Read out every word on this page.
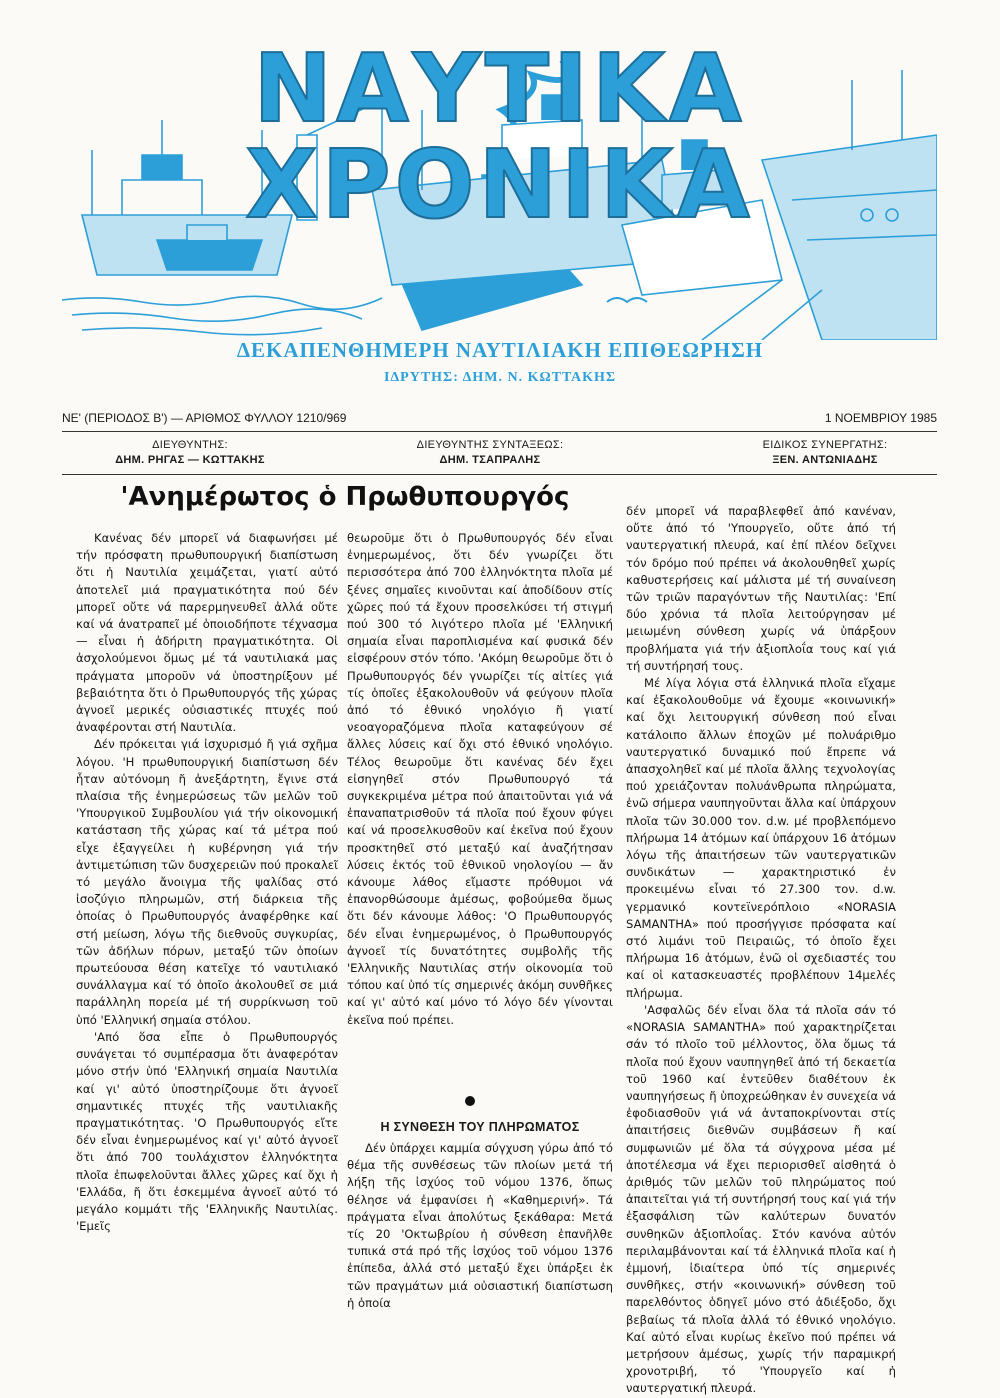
ΝΑΥΤΙΚΑ ΧΡΟΝΙΚΑ
ΔΕΚΑΠΕΝΘΗΜΕΡΗ ΝΑΥΤΙΛΙΑΚΗ ΕΠΙΘΕΩΡΗΣΗ
ΙΔΡΥΤΗΣ: ΔΗΜ. Ν. ΚΩΤΤΑΚΗΣ
ΝΕ' (ΠΕΡΙΟΔΟΣ Β') — ΑΡΙΘΜΟΣ ΦΥΛΛΟΥ 1210/969	1 ΝΟΕΜΒΡΙΟΥ 1985
ΔΙΕΥΘΥΝΤΗΣ:
ΔΗΜ. ΡΗΓΑΣ — ΚΩΤΤΑΚΗΣ
ΔΙΕΥΘΥΝΤΗΣ ΣΥΝΤΑΞΕΩΣ:
ΔΗΜ. ΤΣΑΠΡΑΛΗΣ
ΕΙΔΙΚΟΣ ΣΥΝΕΡΓΑΤΗΣ:
ΞΕΝ. ΑΝΤΩΝΙΑΔΗΣ
'Ανημέρωτος ὁ Πρωθυπουργός

Κανένας δέν μπορεῖ νά διαφωνήσει μέ τήν πρόσφατη πρωθυπουργική διαπίστωση ὅτι ἡ Ναυτιλία χειμάζεται, γιατί αὐτό ἀποτελεῖ μιά πραγματικότητα πού δέν μπορεῖ οὔτε νά παρερμηνευθεῖ ἀλλά οὔτε καί νά ἀνατραπεῖ μέ ὁποιοδήποτε τέχνασμα — εἶναι ἡ ἀδήριτη πραγματικότητα. Οἱ ἀσχολούμενοι ὅμως μέ τά ναυτιλιακά μας πράγματα μποροῦν νά ὑποστηρίξουν μέ βεβαιότητα ὅτι ὁ Πρωθυπουργός τῆς χώρας ἀγνοεῖ μερικές οὐσιαστικές πτυχές πού ἀναφέρονται στή Ναυτιλία.

Δέν πρόκειται γιά ἰσχυρισμό ἤ γιά σχῆμα λόγου. 'Η πρωθυπουργική διαπίστωση δέν ἦταν αὐτόνομη ἤ ἀνεξάρτητη, ἔγινε στά πλαίσια τῆς ἐνημερώσεως τῶν μελῶν τοῦ 'Υπουργικοῦ Συμβουλίου γιά τήν οἰκονομική κατάσταση τῆς χώρας καί τά μέτρα πού εἶχε ἐξαγγείλει ἡ κυβέρνηση γιά τήν ἀντιμετώπιση τῶν δυσχερειῶν πού προκαλεῖ τό μεγάλο ἄνοιγμα τῆς ψαλίδας στό ἰσοζύγιο πληρωμῶν, στή διάρκεια τῆς ὁποίας ὁ Πρωθυπουργός ἀναφέρθηκε καί στή μείωση, λόγω τῆς διεθνοῦς συγκυρίας, τῶν ἀδήλων πόρων, μεταξύ τῶν ὁποίων πρωτεύουσα θέση κατεῖχε τό ναυτιλιακό συνάλλαγμα καί τό ὁποῖο ἀκολουθεῖ σε μιά παράλληλη πορεία μέ τή συρρίκνωση τοῦ ὑπό 'Ελληνική σημαία στόλου.

'Από ὅσα εἶπε ὁ Πρωθυπουργός συνάγεται τό συμπέρασμα ὅτι ἀναφερόταν μόνο στήν ὑπό 'Ελληνική σημαία Ναυτιλία καί γι' αὐτό ὑποστηρίζουμε ὅτι ἀγνοεῖ σημαντικές πτυχές τῆς ναυτιλιακῆς πραγματικότητας. 'Ο Πρωθυπουργός εἴτε δέν εἶναι ἐνημερωμένος καί γι' αὐτό ἀγνοεῖ ὅτι ἀπό 700 τουλάχιστον ἑλληνόκτητα πλοῖα ἐπωφελοῦνται ἄλλες χῶρες καί ὄχι ἡ 'Ελλάδα, ἤ ὅτι ἐσκεμμένα ἀγνοεῖ αὐτό τό μεγάλο κομμάτι τῆς 'Ελληνικῆς Ναυτιλίας. 'Εμεῖς

θεωροῦμε ὅτι ὁ Πρωθυπουργός δέν εἶναι ἐνημερωμένος, ὅτι δέν γνωρίζει ὅτι περισσότερα ἀπό 700 ἑλληνόκτητα πλοῖα μέ ξένες σημαῖες κινοῦνται καί ἀποδίδουν στίς χῶρες πού τά ἔχουν προσελκύσει τή στιγμή πού 300 τό λιγότερο πλοῖα μέ 'Ελληνική σημαία εἶναι παροπλισμένα καί φυσικά δέν εἰσφέρουν στόν τόπο. 'Ακόμη θεωροῦμε ὅτι ὁ Πρωθυπουργός δέν γνωρίζει τίς αἰτίες γιά τίς ὁποῖες ἐξακολουθοῦν νά φεύγουν πλοῖα ἀπό τό ἐθνικό νηολόγιο ἤ γιατί νεοαγοραζόμενα πλοῖα καταφεύγουν σέ ἄλλες λύσεις καί ὄχι στό ἐθνικό νηολόγιο. Τέλος θεωροῦμε ὅτι κανένας δέν ἔχει εἰσηγηθεῖ στόν Πρωθυπουργό τά συγκεκριμένα μέτρα πού ἀπαιτοῦνται γιά νά ἐπαναπατρισθοῦν τά πλοῖα πού ἔχουν φύγει καί νά προσελκυσθοῦν καί ἐκεῖνα πού ἔχουν προσκτηθεῖ στό μεταξύ καί ἀναζήτησαν λύσεις ἐκτός τοῦ ἐθνικοῦ νηολογίου — ἄν κάνουμε λάθος εἴμαστε πρόθυμοι νά ἐπανορθώσουμε ἀμέσως, φοβούμεθα ὅμως ὅτι δέν κάνουμε λάθος: 'Ο Πρωθυπουργός δέν εἶναι ἐνημερωμένος, ὁ Πρωθυπουργός ἀγνοεῖ τίς δυνατότητες συμβολῆς τῆς 'Ελληνικῆς Ναυτιλίας στήν οἰκονομία τοῦ τόπου καί ὑπό τίς σημερινές ἀκόμη συνθῆκες καί γι' αὐτό καί μόνο τό λόγο δέν γίνονται ἐκεῖνα πού πρέπει.

Η ΣΥΝΘΕΣΗ ΤΟΥ ΠΛΗΡΩΜΑΤΟΣ

Δέν ὑπάρχει καμμία σύγχυση γύρω ἀπό τό θέμα τῆς συνθέσεως τῶν πλοίων μετά τή λήξη τῆς ἰσχύος τοῦ νόμου 1376, ὅπως θέλησε νά ἐμφανίσει ἡ «Καθημερινή». Τά πράγματα εἶναι ἀπολύτως ξεκάθαρα: Μετά τίς 20 'Οκτωβρίου ἡ σύνθεση ἐπανῆλθε τυπικά στά πρό τῆς ἰσχύος τοῦ νόμου 1376 ἐπίπεδα, ἀλλά στό μεταξύ ἔχει ὑπάρξει ἐκ τῶν πραγμάτων μιά οὐσιαστική διαπίστωση ἡ ὁποία

δέν μπορεῖ νά παραβλεφθεῖ ἀπό κανέναν, οὔτε ἀπό τό 'Υπουργεῖο, οὔτε ἀπό τή ναυτεργατική πλευρά, καί ἐπί πλέον δεῖχνει τόν δρόμο πού πρέπει νά ἀκολουθηθεῖ χωρίς καθυστερήσεις καί μάλιστα μέ τή συναίνεση τῶν τριῶν παραγόντων τῆς Ναυτιλίας: 'Επί δύο χρόνια τά πλοῖα λειτούργησαν μέ μειωμένη σύνθεση χωρίς νά ὑπάρξουν προβλήματα γιά τήν ἀξιοπλοΐα τους καί γιά τή συντήρησή τους.

Μέ λίγα λόγια στά ἑλληνικά πλοῖα εἴχαμε καί ἐξακολουθοῦμε νά ἔχουμε «κοινωνική» καί ὄχι λειτουργική σύνθεση πού εἶναι κατάλοιπο ἄλλων ἐποχῶν μέ πολυάριθμο ναυτεργατικό δυναμικό πού ἔπρεπε νά ἀπασχοληθεῖ καί μέ πλοῖα ἄλλης τεχνολογίας πού χρειάζονταν πολυάνθρωπα πληρώματα, ἐνῶ σήμερα ναυπηγοῦνται ἄλλα καί ὑπάρχουν πλοῖα τῶν 30.000 τον. d.w. μέ προβλεπόμενο πλήρωμα 14 ἀτόμων καί ὑπάρχουν 16 ἀτόμων λόγω τῆς ἀπαιτήσεων τῶν ναυτεργατικῶν συνδικάτων — χαρακτηριστικό ἐν προκειμένω εἶναι τό 27.300 τον. d.w. γερμανικό κοντεϊνερόπλοιο «NORASIA SAMANTHA» πού προσήγγισε πρόσφατα καί στό λιμάνι τοῦ Πειραιῶς, τό ὁποῖο ἔχει πλήρωμα 16 ἀτόμων, ἐνῶ οἱ σχεδιαστές του καί οἱ κατασκευαστές προβλέπουν 14μελές πλήρωμα.

'Ασφαλῶς δέν εἶναι ὅλα τά πλοῖα σάν τό «NORASIA SAMANTHA» πού χαρακτηρίζεται σάν τό πλοῖο τοῦ μέλλοντος, ὅλα ὅμως τά πλοῖα πού ἔχουν ναυπηγηθεῖ ἀπό τή δεκαετία τοῦ 1960 καί ἐντεῦθεν διαθέτουν ἐκ ναυπηγήσεως ἤ ὑποχρεώθηκαν ἐν συνεχεία νά ἐφοδιασθοῦν γιά νά ἀνταποκρίνονται στίς ἀπαιτήσεις διεθνῶν συμβάσεων ἤ καί συμφωνιῶν μέ ὅλα τά σύγχρονα μέσα μέ ἀποτέλεσμα νά ἔχει περιορισθεῖ αἰσθητά ὁ ἀριθμός τῶν μελῶν τοῦ πληρώματος πού ἀπαιτεῖται γιά τή συντήρησή τους καί γιά τήν ἐξασφάλιση τῶν καλύτερων δυνατόν συνθηκῶν ἀξιοπλοΐας. Στόν κανόνα αὐτόν περιλαμβάνονται καί τά ἑλληνικά πλοῖα καί ἡ ἐμμονή, ἰδιαίτερα ὑπό τίς σημερινές συνθῆκες, στήν «κοινωνική» σύνθεση τοῦ παρελθόντος ὁδηγεῖ μόνο στό ἀδιέξοδο, ὄχι βεβαίως τά πλοῖα ἀλλά τό ἐθνικό νηολόγιο. Καί αὐτό εἶναι κυρίως ἐκεῖνο πού πρέπει νά μετρήσουν ἀμέσως, χωρίς τήν παραμικρή χρονοτριβή, τό 'Υπουργεῖο καί ἡ ναυτεργατική πλευρά.
